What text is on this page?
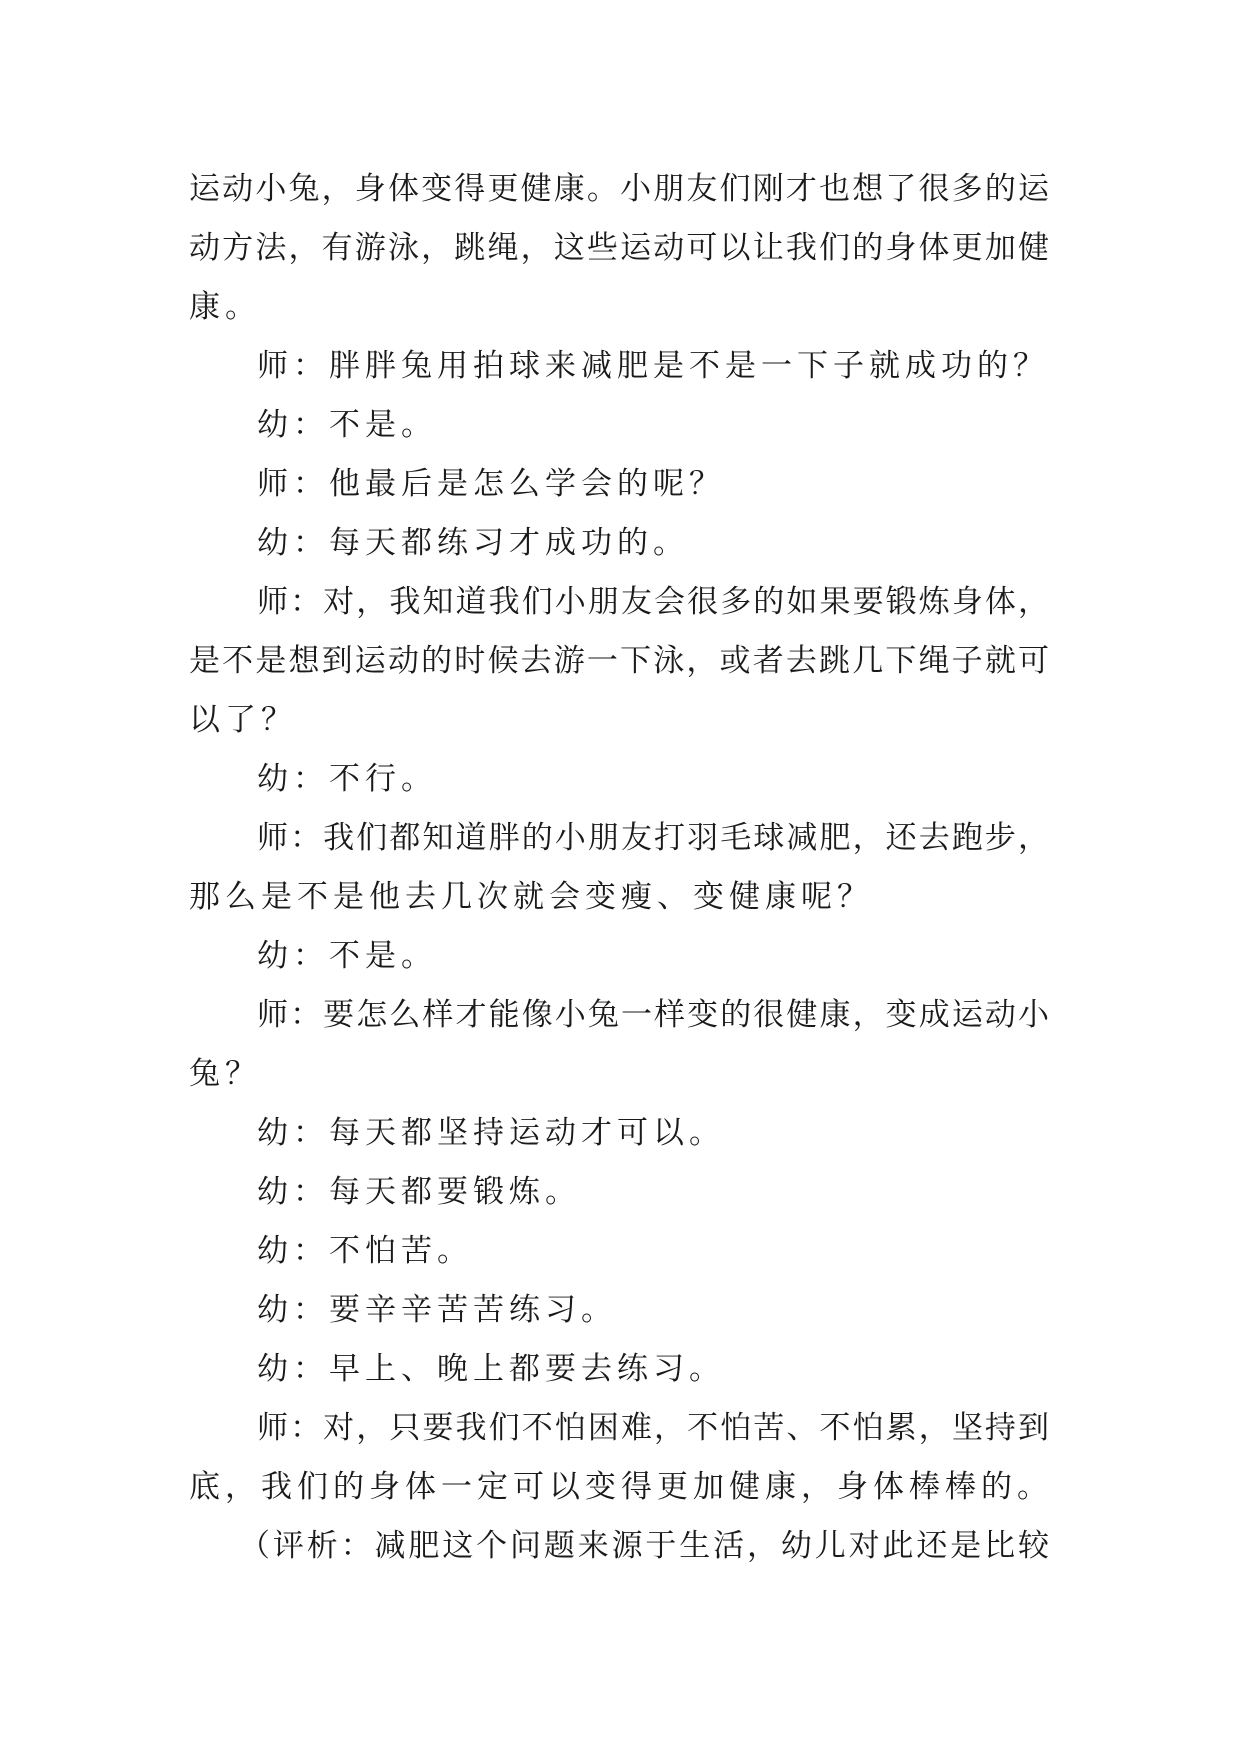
运动小兔，身体变得更健康。小朋友们刚才也想了很多的运
动方法，有游泳，跳绳，这些运动可以让我们的身体更加健
康。
师：胖胖兔用拍球来减肥是不是一下子就成功的？
幼：不是。
师：他最后是怎么学会的呢？
幼：每天都练习才成功的。
师：对，我知道我们小朋友会很多的如果要锻炼身体，
是不是想到运动的时候去游一下泳，或者去跳几下绳子就可
以了？
幼：不行。
师：我们都知道胖的小朋友打羽毛球减肥，还去跑步，
那么是不是他去几次就会变瘦、变健康呢？
幼：不是。
师：要怎么样才能像小兔一样变的很健康，变成运动小
兔？
幼：每天都坚持运动才可以。
幼：每天都要锻炼。
幼：不怕苦。
幼：要辛辛苦苦练习。
幼：早上、晚上都要去练习。
师：对，只要我们不怕困难，不怕苦、不怕累，坚持到
底，我们的身体一定可以变得更加健康，身体棒棒的。
（评析：减肥这个问题来源于生活，幼儿对此还是比较
